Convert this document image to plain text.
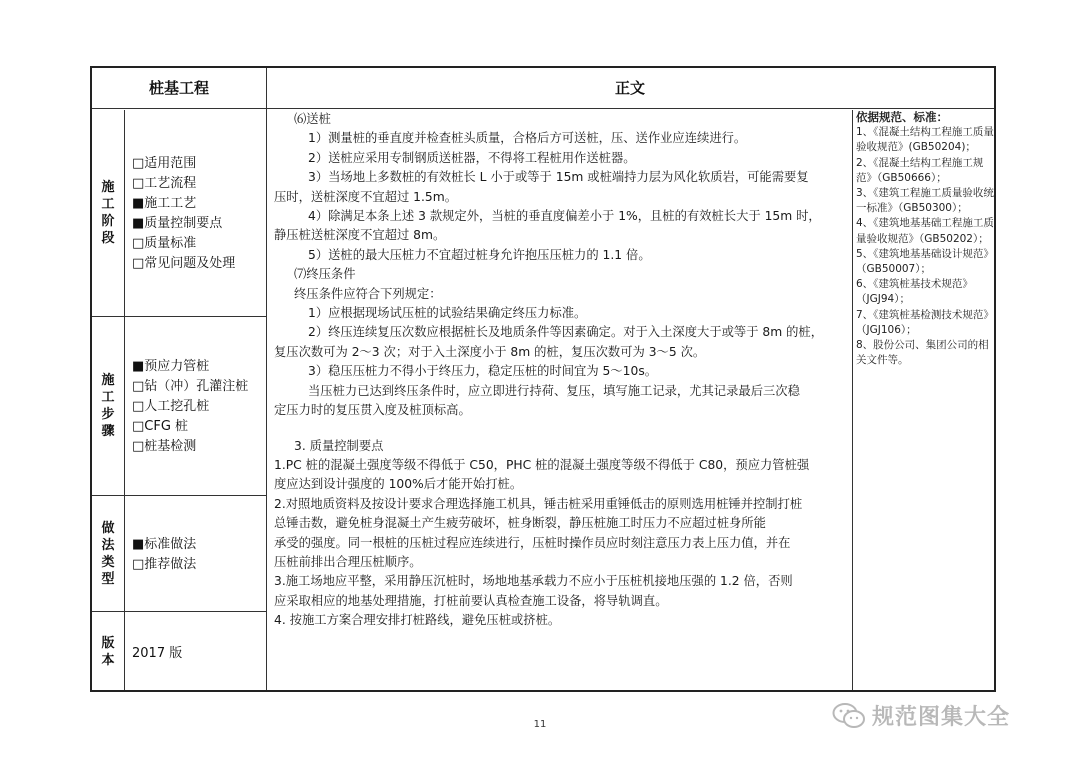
桩基工程	正文
施工阶段
□适用范围
□工艺流程
■施工工艺
■质量控制要点
□质量标准
□常见问题及处理
施工步骤
■预应力管桩
□钻（冲）孔灌注桩
□人工挖孔桩
□CFG 桩
□桩基检测
做法类型
■标准做法
□推荐做法
版本	2017 版

⑹送桩

1）测量桩的垂直度并检查桩头质量，合格后方可送桩，压、送作业应连续进行。

2）送桩应采用专制钢质送桩器，不得将工程桩用作送桩器。

3）当场地上多数桩的有效桩长 L 小于或等于 15m 或桩端持力层为风化软质岩，可能需要复

压时，送桩深度不宜超过 1.5m。

4）除满足本条上述 3 款规定外，当桩的垂直度偏差小于 1%，且桩的有效桩长大于 15m 时，

静压桩送桩深度不宜超过 8m。

5）送桩的最大压桩力不宜超过桩身允许抱压压桩力的 1.1 倍。

⑺终压条件

终压条件应符合下列规定：

1）应根据现场试压桩的试验结果确定终压力标准。

2）终压连续复压次数应根据桩长及地质条件等因素确定。对于入土深度大于或等于 8m 的桩，

复压次数可为 2～3 次；对于入土深度小于 8m 的桩，复压次数可为 3～5 次。

3）稳压压桩力不得小于终压力，稳定压桩的时间宜为 5～10s。

当压桩力已达到终压条件时，应立即进行持荷、复压，填写施工记录，尤其记录最后三次稳

定压力时的复压贯入度及桩顶标高。

3. 质量控制要点

1.PC 桩的混凝土强度等级不得低于 C50，PHC 桩的混凝土强度等级不得低于 C80，预应力管桩强

度应达到设计强度的 100%后才能开始打桩。

2.对照地质资料及按设计要求合理选择施工机具，锤击桩采用重锤低击的原则选用桩锤并控制打桩

总锤击数，避免桩身混凝土产生疲劳破坏，桩身断裂，静压桩施工时压力不应超过桩身所能

承受的强度。同一根桩的压桩过程应连续进行，压桩时操作员应时刻注意压力表上压力值，并在

压桩前排出合理压桩顺序。

3.施工场地应平整，采用静压沉桩时，场地地基承载力不应小于压桩机接地压强的 1.2 倍，否则

应采取相应的地基处理措施，打桩前要认真检查施工设备，将导轨调直。

4. 按施工方案合理安排打桩路线，避免压桩或挤桩。

依据规范、标准：
1、《混凝土结构工程施工质量验收规范》(GB50204)；
2、《混凝土结构工程施工规范》（GB50666）；
3、《建筑工程施工质量验收统一标准》（GB50300）；
4、《建筑地基基础工程施工质量验收规范》（GB50202）；
5、《建筑地基基础设计规范》（GB50007）；
6、《建筑桩基技术规范》（JGJ94）；
7、《建筑桩基检测技术规范》（JGJ106）；
8、股份公司、集团公司的相关文件等。
11	规范图集大全
